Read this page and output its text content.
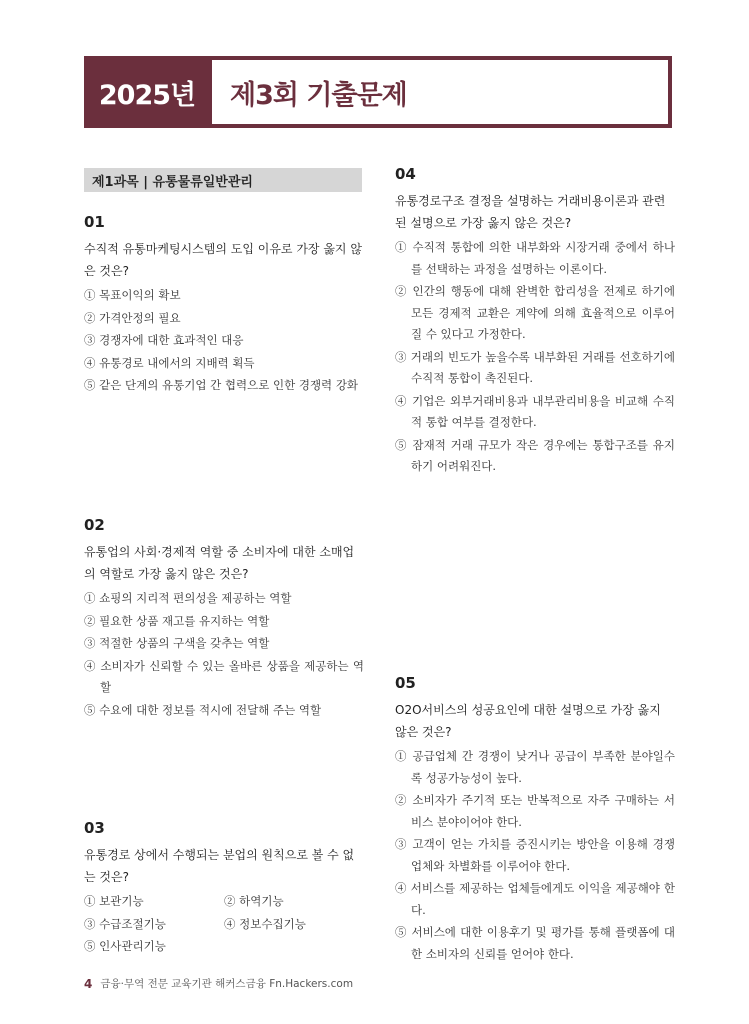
2025년	제3회 기출문제
제1과목 | 유통물류일반관리
01
수직적 유통마케팅시스템의 도입 이유로 가장 옳지 않은 것은?
① 목표이익의 확보
② 가격안정의 필요
③ 경쟁자에 대한 효과적인 대응
④ 유통경로 내에서의 지배력 획득
⑤ 같은 단계의 유통기업 간 협력으로 인한 경쟁력 강화
02
유통업의 사회·경제적 역할 중 소비자에 대한 소매업의 역할로 가장 옳지 않은 것은?
① 쇼핑의 지리적 편의성을 제공하는 역할
② 필요한 상품 재고를 유지하는 역할
③ 적절한 상품의 구색을 갖추는 역할
④ 소비자가 신뢰할 수 있는 올바른 상품을 제공하는 역할
⑤ 수요에 대한 정보를 적시에 전달해 주는 역할
03
유통경로 상에서 수행되는 분업의 원칙으로 볼 수 없는 것은?
① 보관기능	② 하역기능
③ 수급조절기능	④ 정보수집기능
⑤ 인사관리기능
04
유통경로구조 결정을 설명하는 거래비용이론과 관련된 설명으로 가장 옳지 않은 것은?
① 수직적 통합에 의한 내부화와 시장거래 중에서 하나를 선택하는 과정을 설명하는 이론이다.
② 인간의 행동에 대해 완벽한 합리성을 전제로 하기에 모든 경제적 교환은 계약에 의해 효율적으로 이루어 질 수 있다고 가정한다.
③ 거래의 빈도가 높을수록 내부화된 거래를 선호하기에 수직적 통합이 촉진된다.
④ 기업은 외부거래비용과 내부관리비용을 비교해 수직적 통합 여부를 결정한다.
⑤ 잠재적 거래 규모가 작은 경우에는 통합구조를 유지하기 어려워진다.
05
O2O서비스의 성공요인에 대한 설명으로 가장 옳지 않은 것은?
① 공급업체 간 경쟁이 낮거나 공급이 부족한 분야일수록 성공가능성이 높다.
② 소비자가 주기적 또는 반복적으로 자주 구매하는 서비스 분야이어야 한다.
③ 고객이 얻는 가치를 증진시키는 방안을 이용해 경쟁업체와 차별화를 이루어야 한다.
④ 서비스를 제공하는 업체들에게도 이익을 제공해야 한다.
⑤ 서비스에 대한 이용후기 및 평가를 통해 플랫폼에 대한 소비자의 신뢰를 얻어야 한다.
4 금융·무역 전문 교육기관 해커스금융 Fn.Hackers.com
